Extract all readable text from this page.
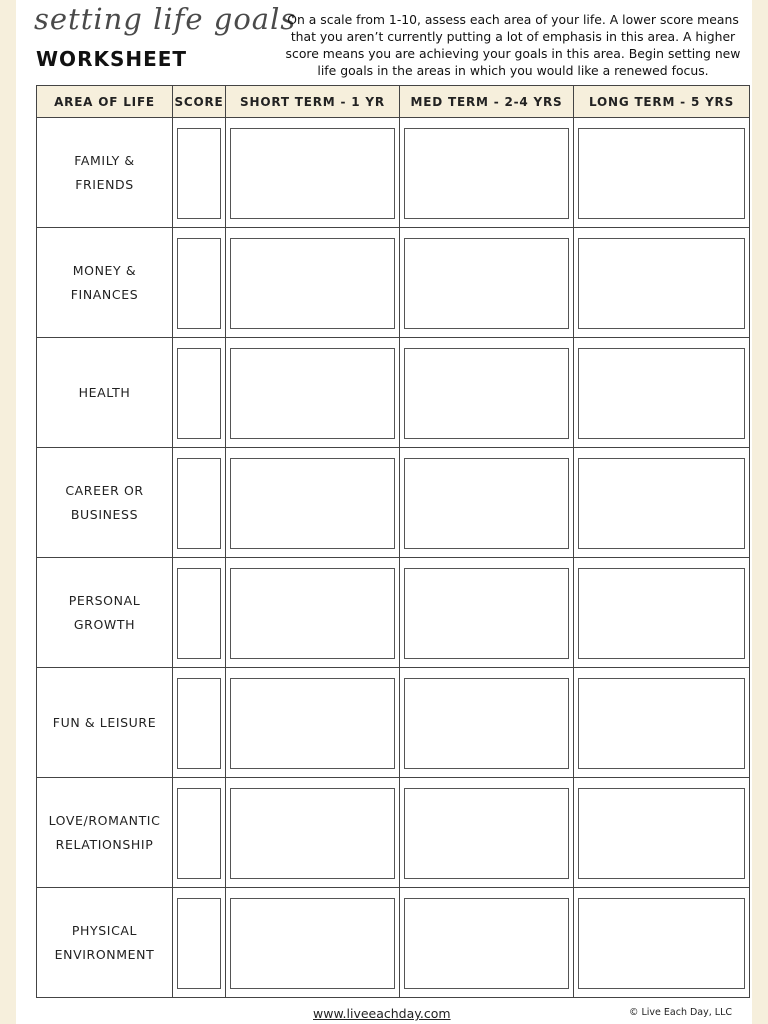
setting life goals
WORKSHEET
On a scale from 1-10, assess each area of your life. A lower score means that you aren’t currently putting a lot of emphasis in this area. A higher score means you are achieving your goals in this area. Begin setting new life goals in the areas in which you would like a renewed focus.
AREA OF LIFE	SCORE	SHORT TERM - 1 YR	MED TERM - 2-4 YRS	LONG TERM - 5 YRS

FAMILY &
FRIENDS				

MONEY &
FINANCES				

HEALTH				

CAREER OR
BUSINESS				

PERSONAL
GROWTH				

FUN & LEISURE				

LOVE/ROMANTIC
RELATIONSHIP				

PHYSICAL
ENVIRONMENT				

www.liveeachday.com	© Live Each Day, LLC
